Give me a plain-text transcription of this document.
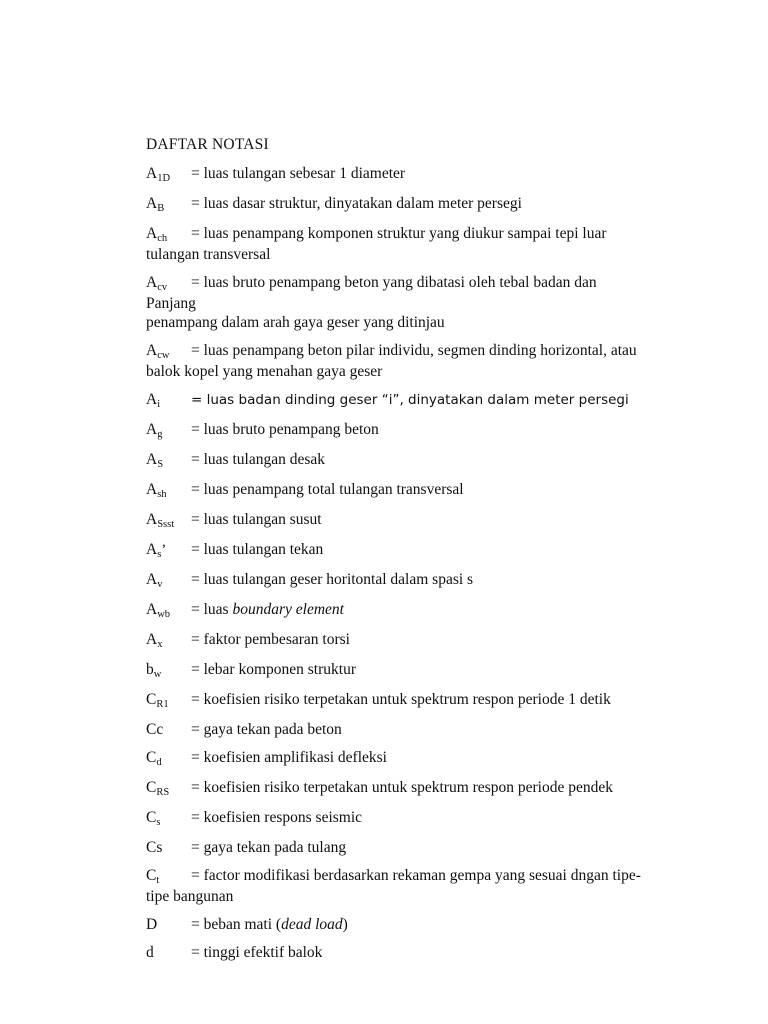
DAFTAR NOTASI
A1D = luas tulangan sebesar 1 diameter
AB = luas dasar struktur, dinyatakan dalam meter persegi
Ach = luas penampang komponen struktur yang diukur sampai tepi luar
tulangan transversal
Acv = luas bruto penampang beton yang dibatasi oleh tebal badan dan Panjang
penampang dalam arah gaya geser yang ditinjau
Acw = luas penampang beton pilar individu, segmen dinding horizontal, atau
balok kopel yang menahan gaya geser
Ai = luas badan dinding geser “i”, dinyatakan dalam meter persegi
Ag = luas bruto penampang beton
AS = luas tulangan desak
Ash = luas penampang total tulangan transversal
ASsst = luas tulangan susut
As’ = luas tulangan tekan
Av = luas tulangan geser horitontal dalam spasi s
Awb = luas boundary element
Ax = faktor pembesaran torsi
bw = lebar komponen struktur
CR1 = koefisien risiko terpetakan untuk spektrum respon periode 1 detik
Cc = gaya tekan pada beton
Cd = koefisien amplifikasi defleksi
CRS = koefisien risiko terpetakan untuk spektrum respon periode pendek
Cs = koefisien respons seismic
Cs = gaya tekan pada tulang
Ct = factor modifikasi berdasarkan rekaman gempa yang sesuai dngan tipe-
tipe bangunan
D = beban mati (dead load)
d = tinggi efektif balok
